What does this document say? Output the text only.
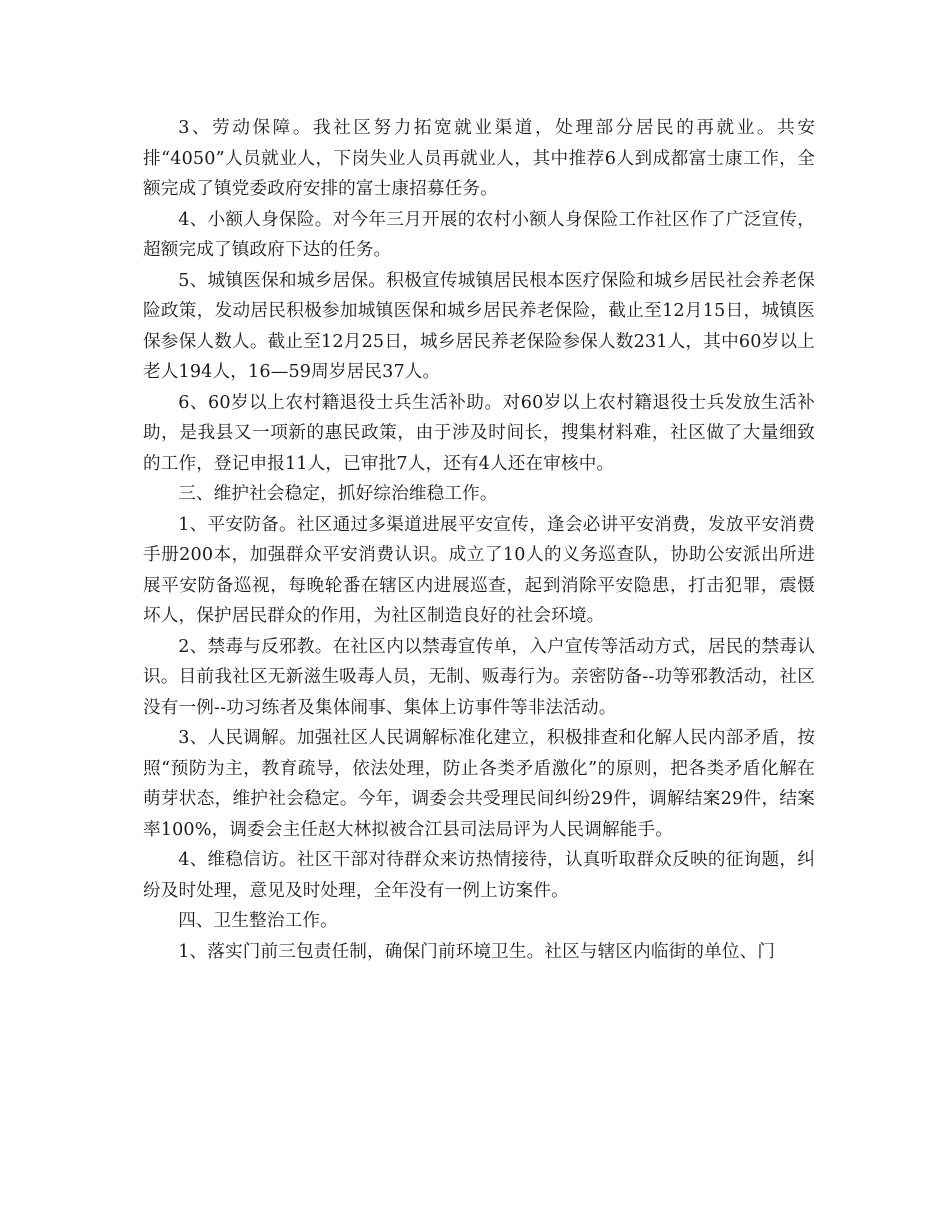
3、劳动保障。我社区努力拓宽就业渠道，处理部分居民的再就业。共安排“4050”人员就业人，下岗失业人员再就业人，其中推荐6人到成都富士康工作，全额完成了镇党委政府安排的富士康招募任务。

4、小额人身保险。对今年三月开展的农村小额人身保险工作社区作了广泛宣传，超额完成了镇政府下达的任务。

5、城镇医保和城乡居保。积极宣传城镇居民根本医疗保险和城乡居民社会养老保险政策，发动居民积极参加城镇医保和城乡居民养老保险，截止至12月15日，城镇医保参保人数人。截止至12月25日，城乡居民养老保险参保人数231人，其中60岁以上老人194人，16—59周岁居民37人。

6、60岁以上农村籍退役士兵生活补助。对60岁以上农村籍退役士兵发放生活补助，是我县又一项新的惠民政策，由于涉及时间长，搜集材料难，社区做了大量细致的工作，登记申报11人，已审批7人，还有4人还在审核中。

三、维护社会稳定，抓好综治维稳工作。

1、平安防备。社区通过多渠道进展平安宣传，逢会必讲平安消费，发放平安消费手册200本，加强群众平安消费认识。成立了10人的义务巡查队，协助公安派出所进展平安防备巡视，每晚轮番在辖区内进展巡查，起到消除平安隐患，打击犯罪，震慑坏人，保护居民群众的作用，为社区制造良好的社会环境。

2、禁毒与反邪教。在社区内以禁毒宣传单，入户宣传等活动方式，居民的禁毒认识。目前我社区无新滋生吸毒人员，无制、贩毒行为。亲密防备--功等邪教活动，社区没有一例--功习练者及集体闹事、集体上访事件等非法活动。

3、人民调解。加强社区人民调解标准化建立，积极排查和化解人民内部矛盾，按照“预防为主，教育疏导，依法处理，防止各类矛盾激化”的原则，把各类矛盾化解在萌芽状态，维护社会稳定。今年，调委会共受理民间纠纷29件，调解结案29件，结案率100%，调委会主任赵大林拟被合江县司法局评为人民调解能手。

4、维稳信访。社区干部对待群众来访热情接待，认真听取群众反映的征询题，纠纷及时处理，意见及时处理，全年没有一例上访案件。

四、卫生整治工作。

1、落实门前三包责任制，确保门前环境卫生。社区与辖区内临街的单位、门
